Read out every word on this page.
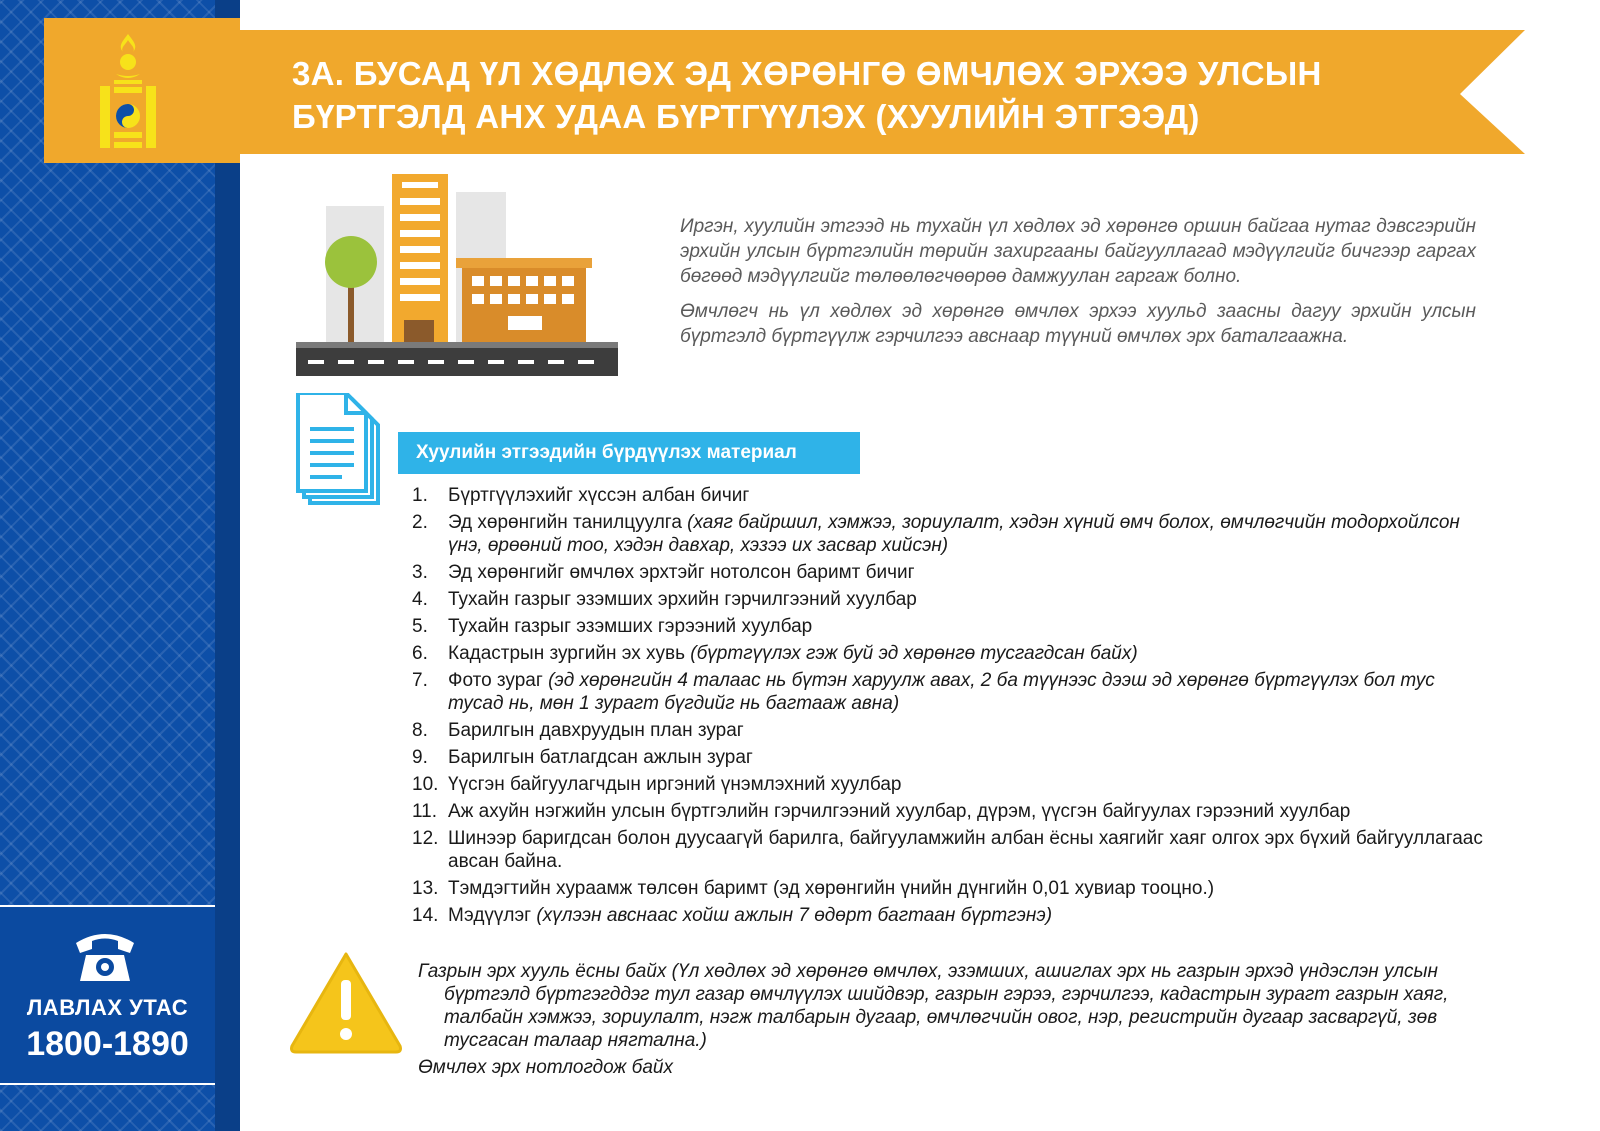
ЛАВЛАХ УТАС
1800-1890
3А. БУСАД ҮЛ ХӨДЛӨХ ЭД ХӨРӨНГӨ ӨМЧЛӨХ ЭРХЭЭ УЛСЫН БҮРТГЭЛД АНХ УДАА БҮРТГҮҮЛЭХ (ХУУЛИЙН ЭТГЭЭД)

Иргэн, хуулийн этгээд нь тухайн үл хөдлөх эд хөрөнгө оршин байгаа нутаг дэвсгэрийн эрхийн улсын бүртгэлийн төрийн захиргааны байгууллагад мэдүүлгийг бичгээр гаргах бөгөөд мэдүүлгийг төлөөлөгчөөрөө дамжуулан гаргаж болно.

Өмчлөгч нь үл хөдлөх эд хөрөнгө өмчлөх эрхээ хуульд заасны дагуу эрхийн улсын бүртгэлд бүртгүүлж гэрчилгээ авснаар түүний өмчлөх эрх баталгаажна.

Хуулийн этгээдийн бүрдүүлэх материал
1. Бүртгүүлэхийг хүссэн албан бичиг
2. Эд хөрөнгийн танилцуулга (хаяг байршил, хэмжээ, зориулалт, хэдэн хүний өмч болох, өмчлөгчийн тодорхойлсон үнэ, өрөөний тоо, хэдэн давхар, хэзээ их засвар хийсэн)
3. Эд хөрөнгийг өмчлөх эрхтэйг нотолсон баримт бичиг
4. Тухайн газрыг эзэмших эрхийн гэрчилгээний хуулбар
5. Тухайн газрыг эзэмших гэрээний хуулбар
6. Кадастрын зургийн эх хувь (бүртгүүлэх гэж буй эд хөрөнгө тусгагдсан байх)
7. Фото зураг (эд хөрөнгийн 4 талаас нь бүтэн харуулж авах, 2 ба түүнээс дээш эд хөрөнгө бүртгүүлэх бол тус тусад нь, мөн 1 зурагт бүгдийг нь багтааж авна)
8. Барилгын давхруудын план зураг
9. Барилгын батлагдсан ажлын зураг
10. Үүсгэн байгуулагчдын иргэний үнэмлэхний хуулбар
11. Аж ахуйн нэгжийн улсын бүртгэлийн гэрчилгээний хуулбар, дүрэм, үүсгэн байгуулах гэрээний хуулбар
12. Шинээр баригдсан болон дуусаагүй барилга, байгууламжийн албан ёсны хаягийг хаяг олгох эрх бүхий байгууллагаас авсан байна.
13. Тэмдэгтийн хураамж төлсөн баримт (эд хөрөнгийн үнийн дүнгийн 0,01 хувиар тооцно.)
14. Мэдүүлэг (хүлээн авснаас хойш ажлын 7 өдөрт багтаан бүртгэнэ)
Газрын эрх хууль ёсны байх (Үл хөдлөх эд хөрөнгө өмчлөх, эзэмших, ашиглах эрх нь газрын эрхэд үндэслэн улсын бүртгэлд бүртгэгддэг тул газар өмчлүүлэх шийдвэр, газрын гэрээ, гэрчилгээ, кадастрын зурагт газрын хаяг, талбайн хэмжээ, зориулалт, нэгж талбарын дугаар, өмчлөгчийн овог, нэр, регистрийн дугаар засваргүй, зөв тусгасан талаар нягтална.)
Өмчлөх эрх нотлогдож байх
